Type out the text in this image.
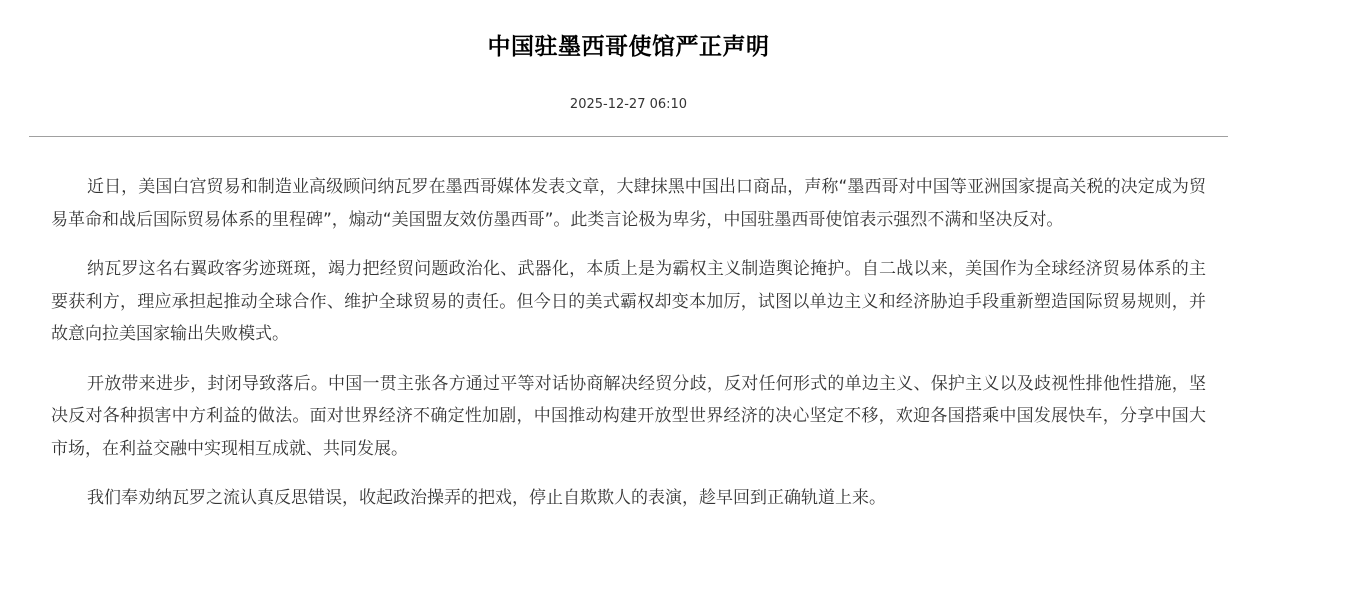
中国驻墨西哥使馆严正声明
2025-12-27 06:10

近日，美国白宫贸易和制造业高级顾问纳瓦罗在墨西哥媒体发表文章，大肆抹黑中国出口商品，声称“墨西哥对中国等亚洲国家提高关税的决定成为贸易革命和战后国际贸易体系的里程碑”，煽动“美国盟友效仿墨西哥”。此类言论极为卑劣，中国驻墨西哥使馆表示强烈不满和坚决反对。

纳瓦罗这名右翼政客劣迹斑斑，竭力把经贸问题政治化、武器化，本质上是为霸权主义制造舆论掩护。自二战以来，美国作为全球经济贸易体系的主要获利方，理应承担起推动全球合作、维护全球贸易的责任。但今日的美式霸权却变本加厉，试图以单边主义和经济胁迫手段重新塑造国际贸易规则，并故意向拉美国家输出失败模式。

开放带来进步，封闭导致落后。中国一贯主张各方通过平等对话协商解决经贸分歧，反对任何形式的单边主义、保护主义以及歧视性排他性措施，坚决反对各种损害中方利益的做法。面对世界经济不确定性加剧，中国推动构建开放型世界经济的决心坚定不移，欢迎各国搭乘中国发展快车，分享中国大市场，在利益交融中实现相互成就、共同发展。

我们奉劝纳瓦罗之流认真反思错误，收起政治操弄的把戏，停止自欺欺人的表演，趁早回到正确轨道上来。
